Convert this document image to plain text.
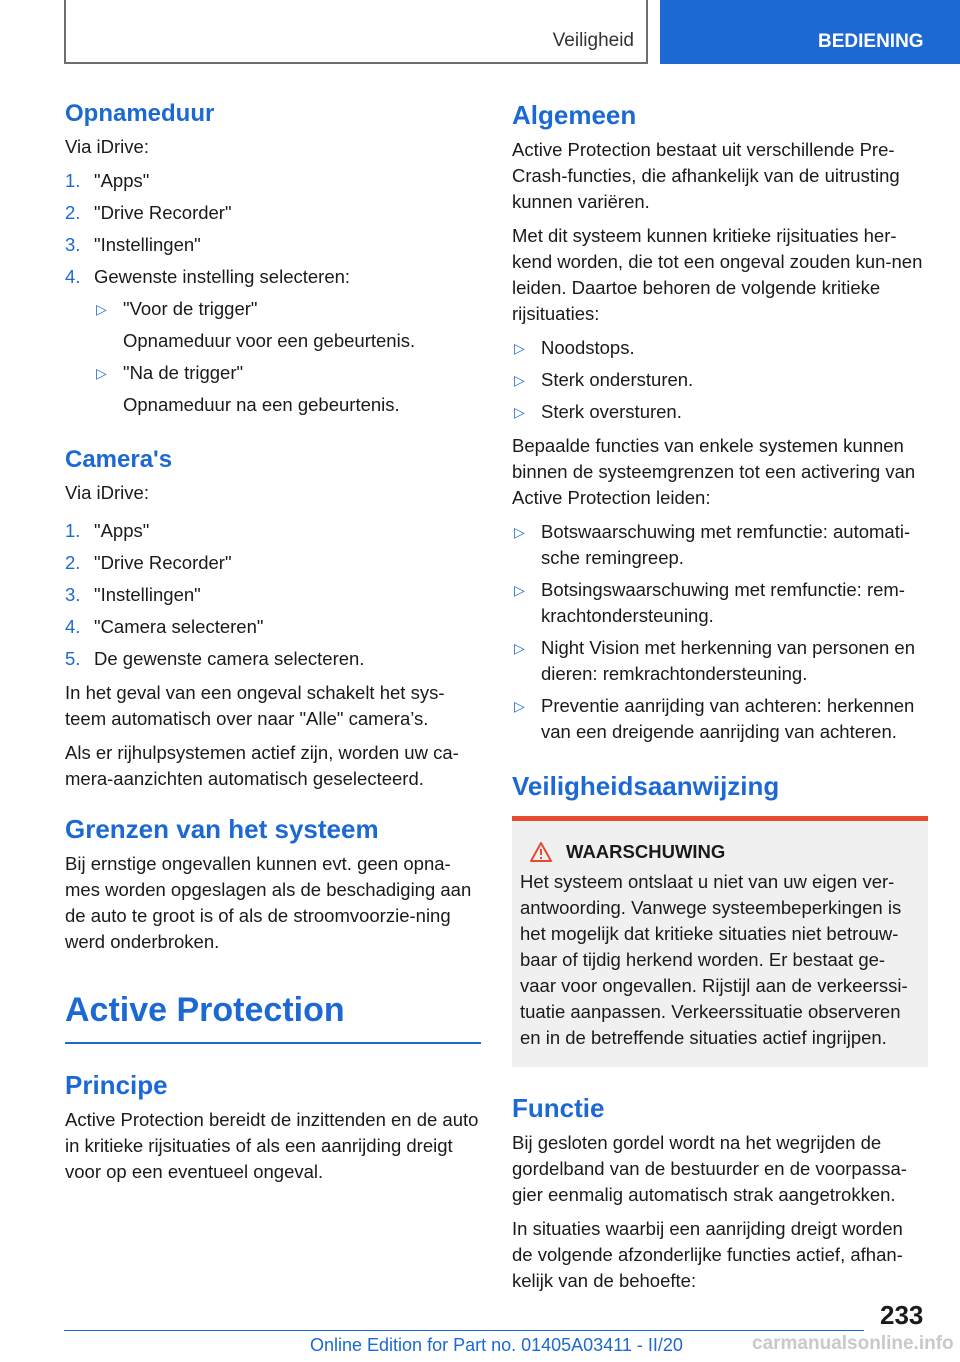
Veiligheid	BEDIENING
Opnameduur

Via iDrive:

1. "Apps"
2. "Drive Recorder"
3. "Instellingen"
4. Gewenste instelling selecteren:
▷ "Voor de trigger"
Opnameduur voor een gebeurtenis.
▷ "Na de trigger"
Opnameduur na een gebeurtenis.
Camera's

Via iDrive:

1. "Apps"
2. "Drive Recorder"
3. "Instellingen"
4. "Camera selecteren"
5. De gewenste camera selecteren.

In het geval van een ongeval schakelt het sys-teem automatisch over naar "Alle" camera’s.

Als er rijhulpsystemen actief zijn, worden uw ca-mera-aanzichten automatisch geselecteerd.

Grenzen van het systeem

Bij ernstige ongevallen kunnen evt. geen opna-mes worden opgeslagen als de beschadiging aan de auto te groot is of als de stroomvoorzie-ning werd onderbroken.

Active Protection
Principe

Active Protection bereidt de inzittenden en de auto in kritieke rijsituaties of als een aanrijding dreigt voor op een eventueel ongeval.

Algemeen

Active Protection bestaat uit verschillende Pre-Crash-functies, die afhankelijk van de uitrusting kunnen variëren.

Met dit systeem kunnen kritieke rijsituaties her-kend worden, die tot een ongeval zouden kun-nen leiden. Daartoe behoren de volgende kritieke rijsituaties:

▷ Noodstops.
▷ Sterk ondersturen.
▷ Sterk oversturen.

Bepaalde functies van enkele systemen kunnen binnen de systeemgrenzen tot een activering van Active Protection leiden:

▷ Botswaarschuwing met remfunctie: automati-sche remingreep.
▷ Botsingswaarschuwing met remfunctie: rem-krachtondersteuning.
▷ Night Vision met herkenning van personen en dieren: remkrachtondersteuning.
▷ Preventie aanrijding van achteren: herkennen van een dreigende aanrijding van achteren.
Veiligheidsaanwijzing
WAARSCHUWING

Het systeem ontslaat u niet van uw eigen ver-antwoording. Vanwege systeembeperkingen is het mogelijk dat kritieke situaties niet betrouw-baar of tijdig herkend worden. Er bestaat ge-vaar voor ongevallen. Rijstijl aan de verkeerssi-tuatie aanpassen. Verkeerssituatie observeren en in de betreffende situaties actief ingrijpen.

Functie

Bij gesloten gordel wordt na het wegrijden de gordelband van de bestuurder en de voorpassa-gier eenmalig automatisch strak aangetrokken.

In situaties waarbij een aanrijding dreigt worden de volgende afzonderlijke functies actief, afhan-kelijk van de behoefte:

233
Online Edition for Part no. 01405A03411 - II/20	carmanualsonline.info
